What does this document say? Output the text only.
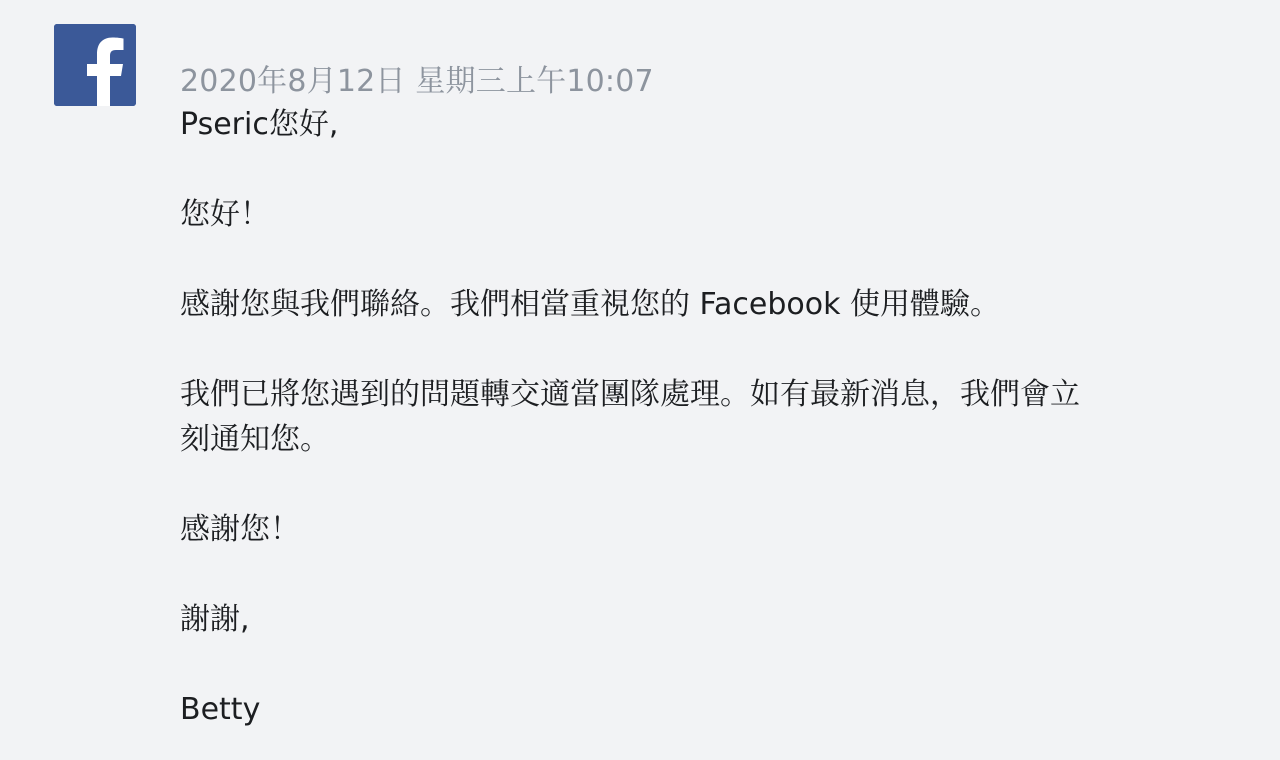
2020年8月12日 星期三上午10:07
Pseric您好,
您好！
感謝您與我們聯絡。我們相當重視您的 Facebook 使用體驗。
我們已將您遇到的問題轉交適當團隊處理。如有最新消息，我們會立
刻通知您。
感謝您！
謝謝,
Betty
